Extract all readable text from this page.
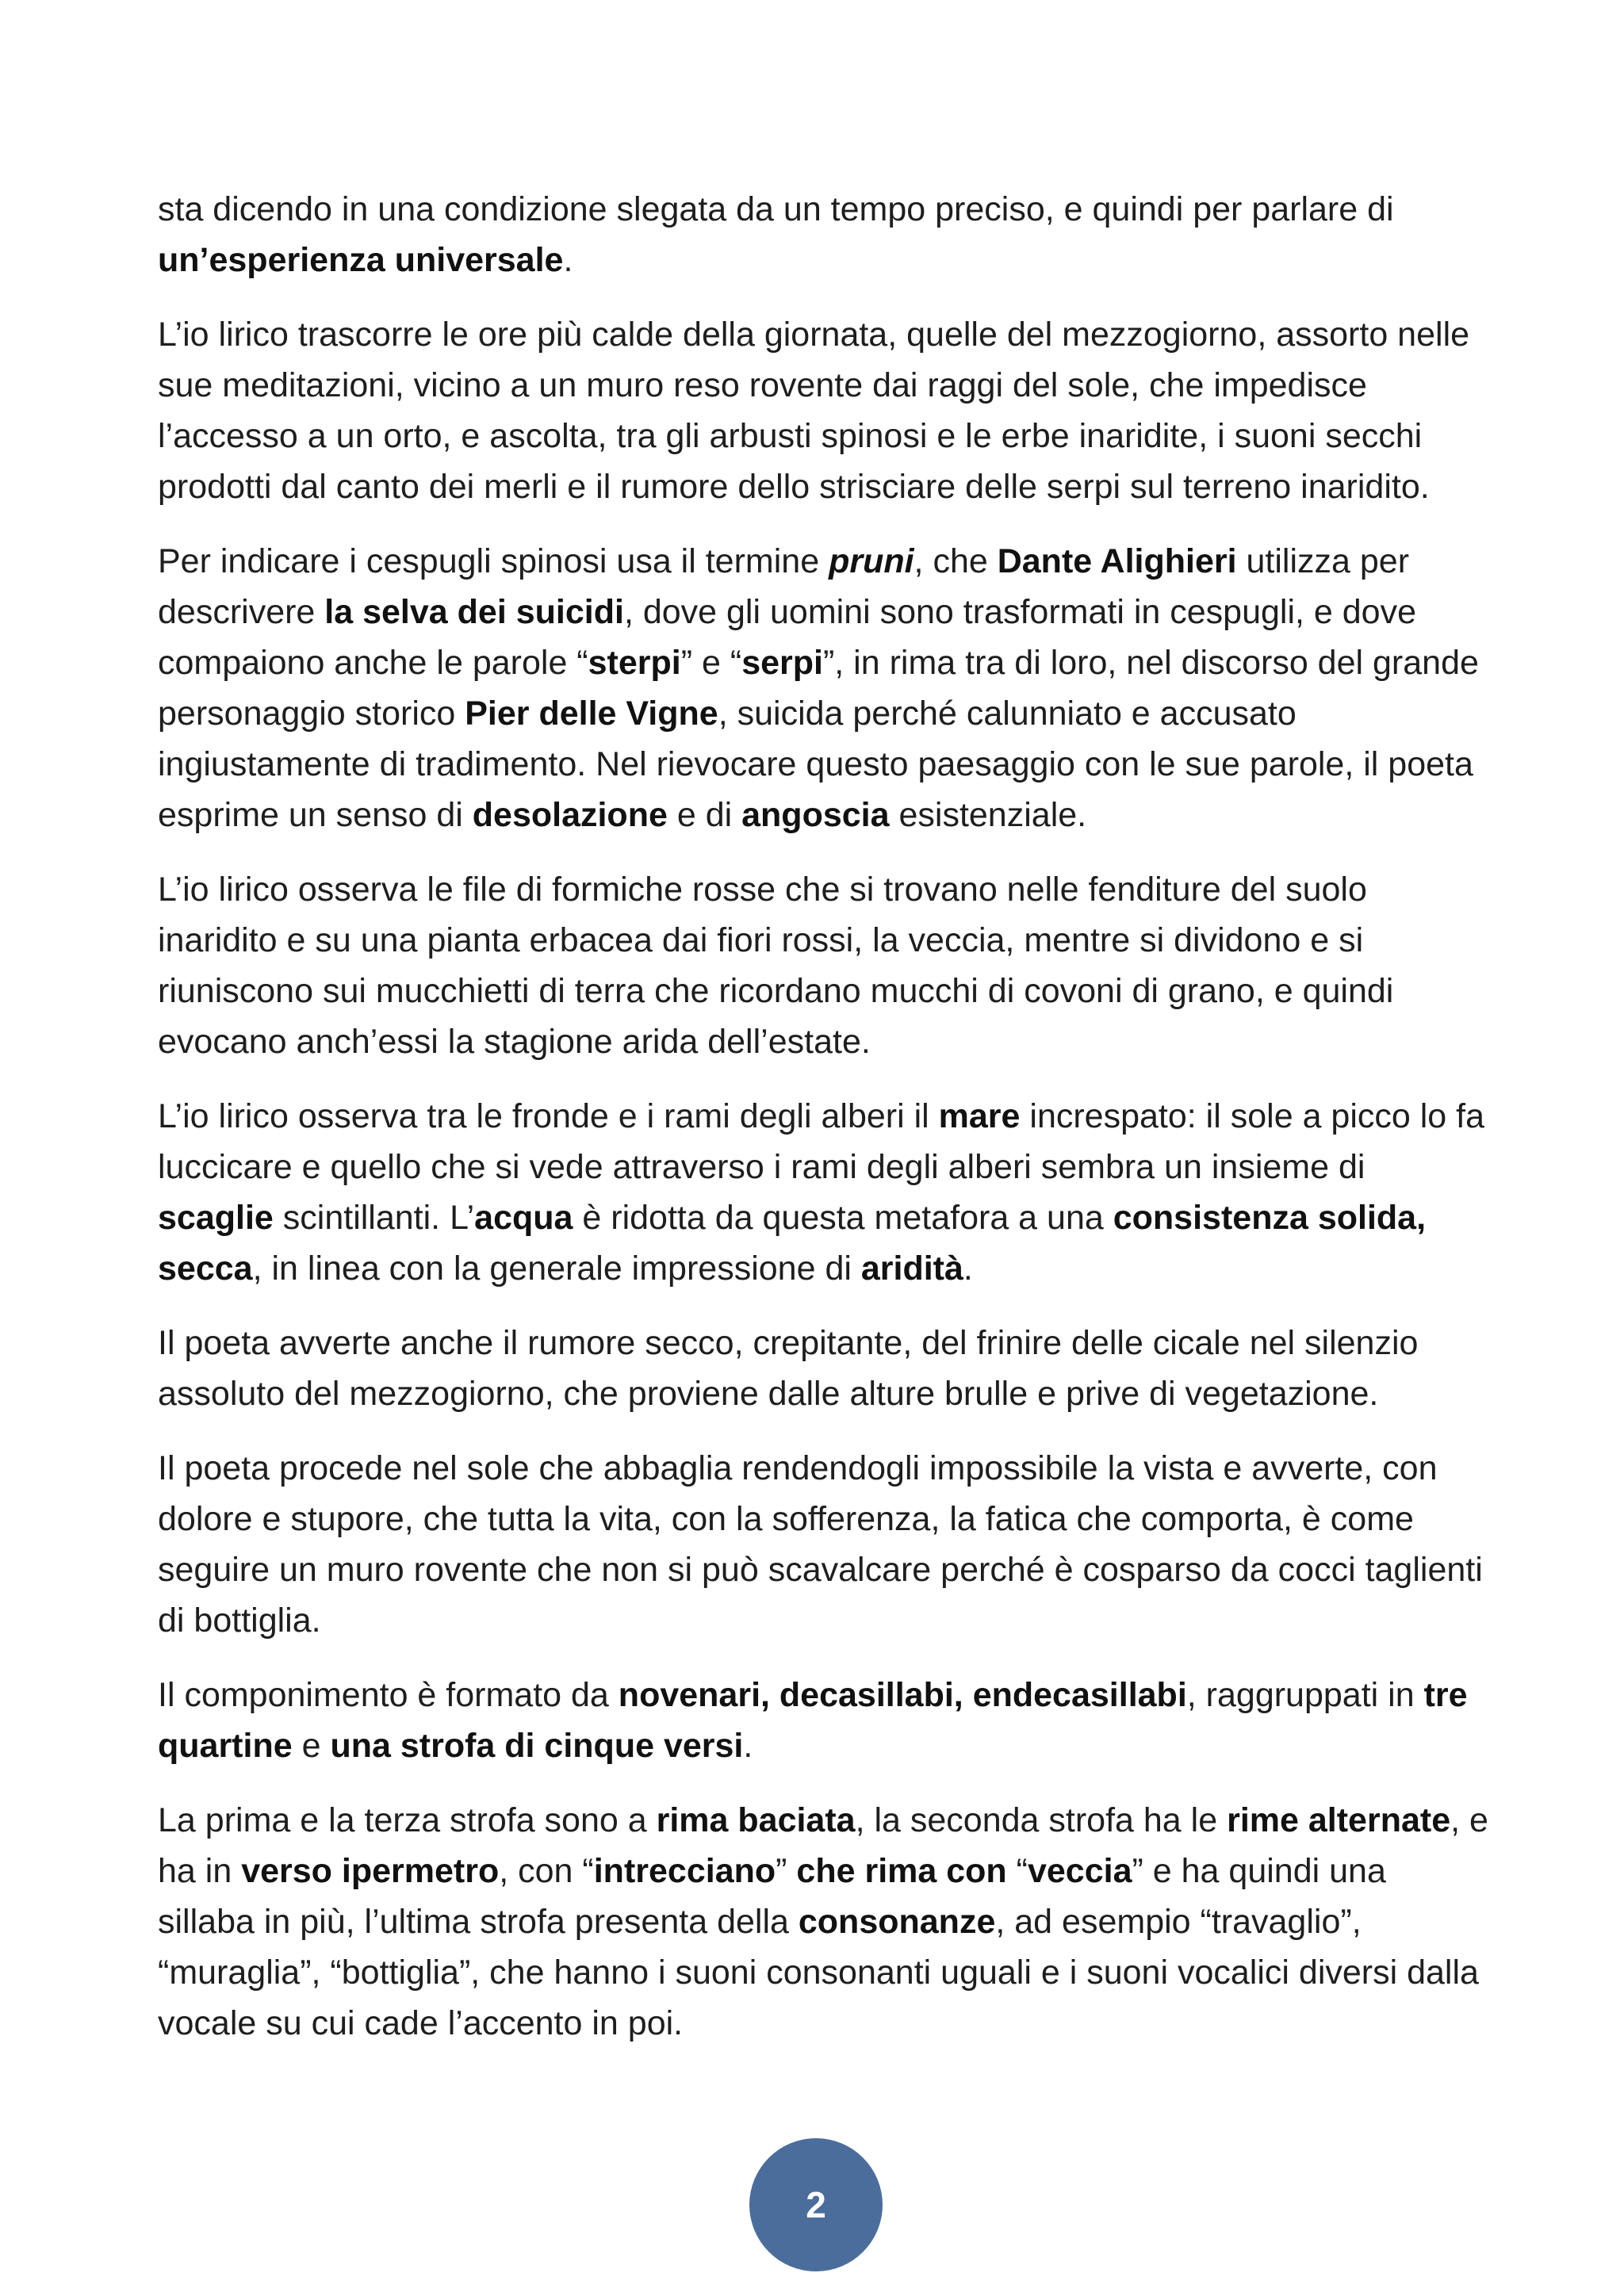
sta dicendo in una condizione slegata da un tempo preciso, e quindi per parlare di un’esperienza universale.

L’io lirico trascorre le ore più calde della giornata, quelle del mezzogiorno, assorto nelle sue meditazioni, vicino a un muro reso rovente dai raggi del sole, che impedisce l’accesso a un orto, e ascolta, tra gli arbusti spinosi e le erbe inaridite, i suoni secchi prodotti dal canto dei merli e il rumore dello strisciare delle serpi sul terreno inaridito.

Per indicare i cespugli spinosi usa il termine pruni, che Dante Alighieri utilizza per descrivere la selva dei suicidi, dove gli uomini sono trasformati in cespugli, e dove compaiono anche le parole “sterpi” e “serpi”, in rima tra di loro, nel discorso del grande personaggio storico Pier delle Vigne, suicida perché calunniato e accusato ingiustamente di tradimento. Nel rievocare questo paesaggio con le sue parole, il poeta esprime un senso di desolazione e di angoscia esistenziale.

L’io lirico osserva le file di formiche rosse che si trovano nelle fenditure del suolo inaridito e su una pianta erbacea dai fiori rossi, la veccia, mentre si dividono e si riuniscono sui mucchietti di terra che ricordano mucchi di covoni di grano, e quindi evocano anch’essi la stagione arida dell’estate.

L’io lirico osserva tra le fronde e i rami degli alberi il mare increspato: il sole a picco lo fa luccicare e quello che si vede attraverso i rami degli alberi sembra un insieme di scaglie scintillanti. L’acqua è ridotta da questa metafora a una consistenza solida, secca, in linea con la generale impressione di aridità.

Il poeta avverte anche il rumore secco, crepitante, del frinire delle cicale nel silenzio assoluto del mezzogiorno, che proviene dalle alture brulle e prive di vegetazione.

Il poeta procede nel sole che abbaglia rendendogli impossibile la vista e avverte, con dolore e stupore, che tutta la vita, con la sofferenza, la fatica che comporta, è come seguire un muro rovente che non si può scavalcare perché è cosparso da cocci taglienti di bottiglia.

Il componimento è formato da novenari, decasillabi, endecasillabi, raggruppati in tre quartine e una strofa di cinque versi.

La prima e la terza strofa sono a rima baciata, la seconda strofa ha le rime alternate, e ha in verso ipermetro, con “intrecciano” che rima con “veccia” e ha quindi una sillaba in più, l’ultima strofa presenta della consonanze, ad esempio “travaglio”, “muraglia”, “bottiglia”, che hanno i suoni consonanti uguali e i suoni vocalici diversi dalla vocale su cui cade l’accento in poi.

2
